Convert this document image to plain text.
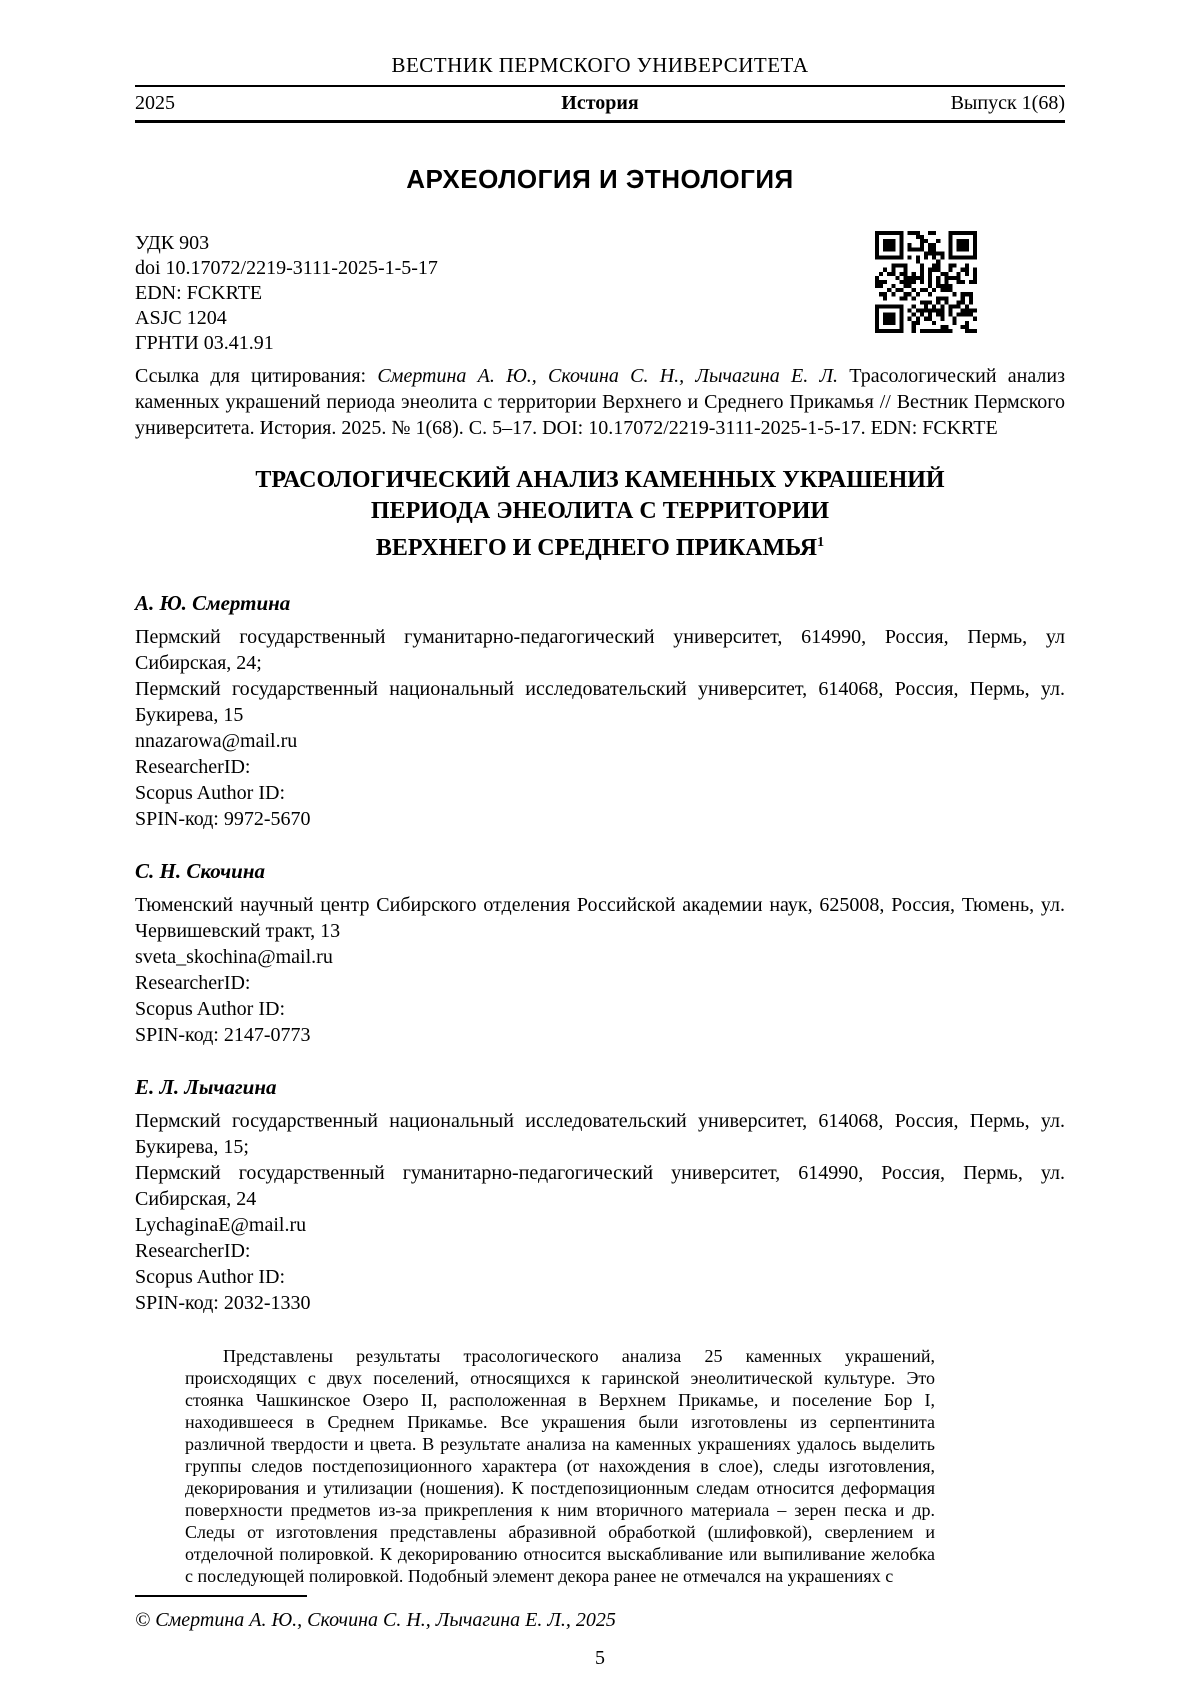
ВЕСТНИК ПЕРМСКОГО УНИВЕРСИТЕТА
2025	История	Выпуск 1(68)
АРХЕОЛОГИЯ И ЭТНОЛОГИЯ

УДК 903

doi 10.17072/2219-3111-2025-1-5-17

EDN: FCKRTE

ASJC 1204

ГРНТИ 03.41.91

Ссылка для цитирования: Смертина А. Ю., Скочина С. Н., Лычагина Е. Л. Трасологический анализ каменных украшений периода энеолита с территории Верхнего и Среднего Прикамья // Вестник Пермского университета. История. 2025. № 1(68). С. 5–17. DOI: 10.17072/2219-3111-2025-1-5-17. EDN: FCKRTE

ТРАСОЛОГИЧЕСКИЙ АНАЛИЗ КАМЕННЫХ УКРАШЕНИЙ
ПЕРИОДА ЭНЕОЛИТА С ТЕРРИТОРИИ
ВЕРХНЕГО И СРЕДНЕГО ПРИКАМЬЯ$^1$
А. Ю. Смертина

Пермский государственный гуманитарно-педагогический университет, 614990, Россия, Пермь, ул Сибирская, 24;

Пермский государственный национальный исследовательский университет, 614068, Россия, Пермь, ул. Букирева, 15

nnazarowa@mail.ru

ResearcherID:

Scopus Author ID:

SPIN-код: 9972-5670

С. Н. Скочина

Тюменский научный центр Сибирского отделения Российской академии наук, 625008, Россия, Тюмень, ул. Червишевский тракт, 13

sveta_skochina@mail.ru

ResearcherID:

Scopus Author ID:

SPIN-код: 2147-0773

Е. Л. Лычагина

Пермский государственный национальный исследовательский университет, 614068, Россия, Пермь, ул. Букирева, 15;

Пермский государственный гуманитарно-педагогический университет, 614990, Россия, Пермь, ул. Сибирская, 24

LychaginaE@mail.ru

ResearcherID:

Scopus Author ID:

SPIN-код: 2032-1330

Представлены результаты трасологического анализа 25 каменных украшений, происходящих с двух поселений, относящихся к гаринской энеолитической культуре. Это стоянка Чашкинское Озеро II, расположенная в Верхнем Прикамье, и поселение Бор I, находившееся в Среднем Прикамье. Все украшения были изготовлены из серпентинита различной твердости и цвета. В результате анализа на каменных украшениях удалось выделить группы следов постдепозиционного характера (от нахождения в слое), следы изготовления, декорирования и утилизации (ношения). К постдепозиционным следам относится деформация поверхности предметов из-за прикрепления к ним вторичного материала – зерен песка и др. Следы от изготовления представлены абразивной обработкой (шлифовкой), сверлением и отделочной полировкой. К декорированию относится выскабливание или выпиливание желобка с последующей полировкой. Подобный элемент декора ранее не отмечался на украшениях с

© Смертина А. Ю., Скочина С. Н., Лычагина Е. Л., 2025

5
